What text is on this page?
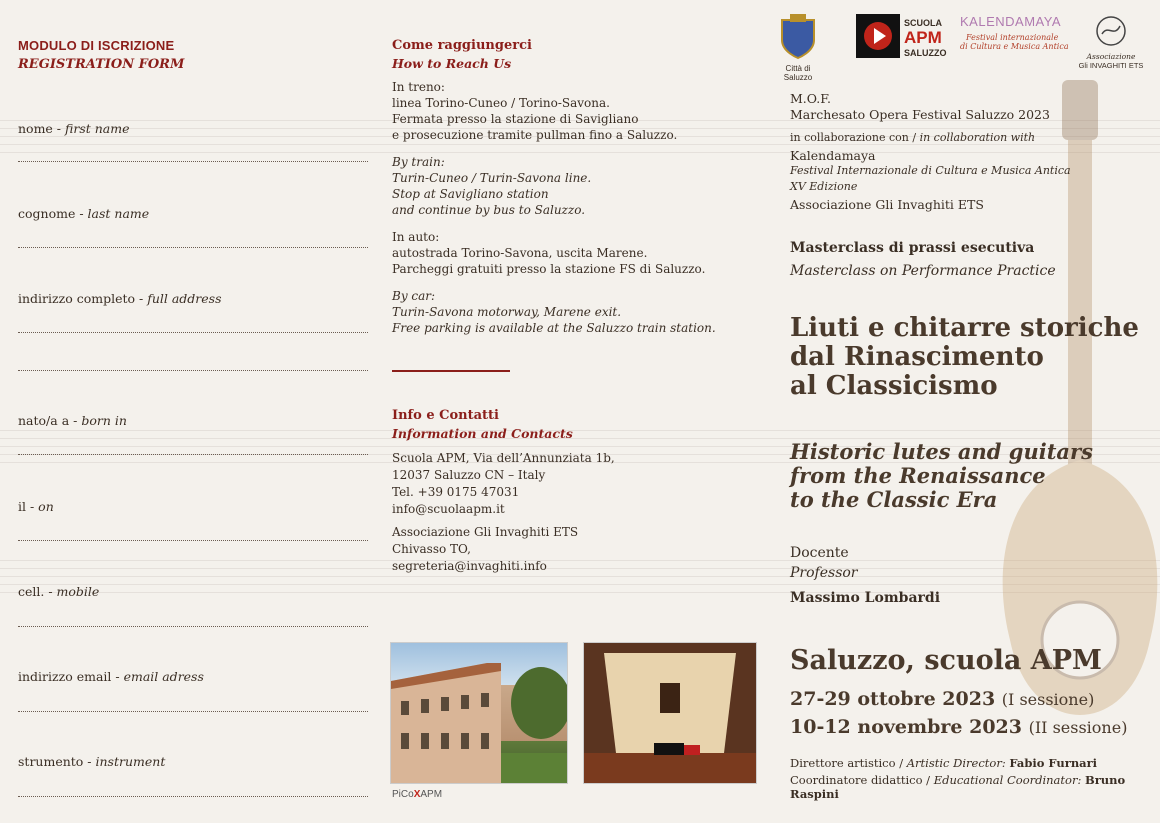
MODULO DI ISCRIZIONE
REGISTRATION FORM
nome - first name
cognome - last name
indirizzo completo - full address
nato/a a - born in
il - on
cell. - mobile
indirizzo email - email adress
strumento - instrument
Come raggiungerci
How to Reach Us
In treno:
linea Torino-Cuneo / Torino-Savona.
Fermata presso la stazione di Savigliano
e prosecuzione tramite pullman fino a Saluzzo.
By train:
Turin-Cuneo / Turin-Savona line.
Stop at Savigliano station
and continue by bus to Saluzzo.
In auto:
autostrada Torino-Savona, uscita Marene.
Parcheggi gratuiti presso la stazione FS di Saluzzo.
By car:
Turin-Savona motorway, Marene exit.
Free parking is available at the Saluzzo train station.
Info e Contatti
Information and Contacts
Scuola APM, Via dell’Annunziata 1b,
12037 Saluzzo CN – Italy
Tel. +39 0175 47031
info@scuolaapm.it
Associazione Gli Invaghiti ETS
Chivasso TO,
segreteria@invaghiti.info
PiCoXAPM
Città di Saluzzo
SCUOLA
APM
SALUZZO
KALENDAMAYA
Festival internazionale
di Cultura e Musica Antica
Associazione
Gli INVAGHITI ETS
M.O.F.
Marchesato Opera Festival Saluzzo 2023
in collaborazione con / in collaboration with
Kalendamaya
Festival Internazionale di Cultura e Musica Antica
XV Edizione
Associazione Gli Invaghiti ETS
Masterclass di prassi esecutiva
Masterclass on Performance Practice
Liuti e chitarre storiche
dal Rinascimento
al Classicismo
Historic lutes and guitars
from the Renaissance
to the Classic Era
Docente
Professor
Massimo Lombardi
Saluzzo, scuola APM
27-29 ottobre 2023 (I sessione)
10-12 novembre 2023 (II sessione)
Direttore artistico / Artistic Director: Fabio Furnari
Coordinatore didattico / Educational Coordinator: Bruno Raspini
